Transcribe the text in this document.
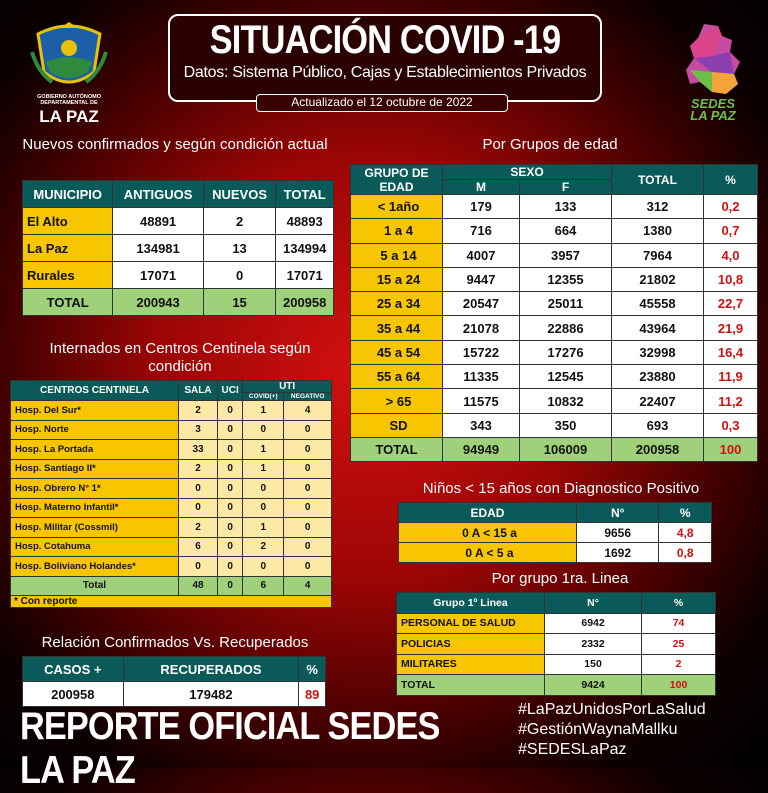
GOBIERNO AUTÓNOMO
DEPARTAMENTAL DE
LA PAZ
SEDES
LA PAZ
SITUACIÓN COVID -19
Datos: Sistema Público, Cajas y Establecimientos Privados
Actualizado el 12 octubre de 2022
Nuevos confirmados y según condición actual
MUNICIPIO	ANTIGUOS	NUEVOS	TOTAL
El Alto	48891	2	48893
La Paz	134981	13	134994
Rurales	17071	0	17071
TOTAL	200943	15	200958
Por Grupos de edad
GRUPO DE EDAD	SEXO		TOTAL	%
	M	F		
< 1año	179	133	312	0,2
1 a 4	716	664	1380	0,7
5 a 14	4007	3957	7964	4,0
15 a 24	9447	12355	21802	10,8
25 a 34	20547	25011	45558	22,7
35 a 44	21078	22886	43964	21,9
45 a 54	15722	17276	32998	16,4
55 a 64	11335	12545	23880	11,9
> 65	11575	10832	22407	11,2
SD	343	350	693	0,3
TOTAL	94949	106009	200958	100
Internados en Centros Centinela según condición
CENTROS CENTINELA	SALA	UCI	UTI	
			COVID(+)	NEGATIVO
Hosp. Del Sur*	2	0	1	4
Hosp. Norte	3	0	0	0
Hosp. La Portada	33	0	1	0
Hosp. Santiago II*	2	0	1	0
Hosp. Obrero N° 1*	0	0	0	0
Hosp. Materno Infantil*	0	0	0	0
Hosp. Militar (Cossmil)	2	0	1	0
Hosp. Cotahuma	6	0	2	0
Hosp. Boliviano Holandes*	0	0	0	0
Total	48	0	6	4
* Con reporte				
Niños < 15 años con Diagnostico Positivo
EDAD	N°	%
0 A < 15 a	9656	4,8
0 A < 5 a	1692	0,8
Por grupo 1ra. Linea
Grupo 1º Linea	N°	%
PERSONAL DE SALUD	6942	74
POLICIAS	2332	25
MILITARES	150	2
TOTAL	9424	100
Relación Confirmados Vs. Recuperados
CASOS +	RECUPERADOS	%
200958	179482	89
REPORTE OFICIAL SEDES LA PAZ
#LaPazUnidosPorLaSalud
#GestiónWaynaMallku
#SEDESLaPaz
